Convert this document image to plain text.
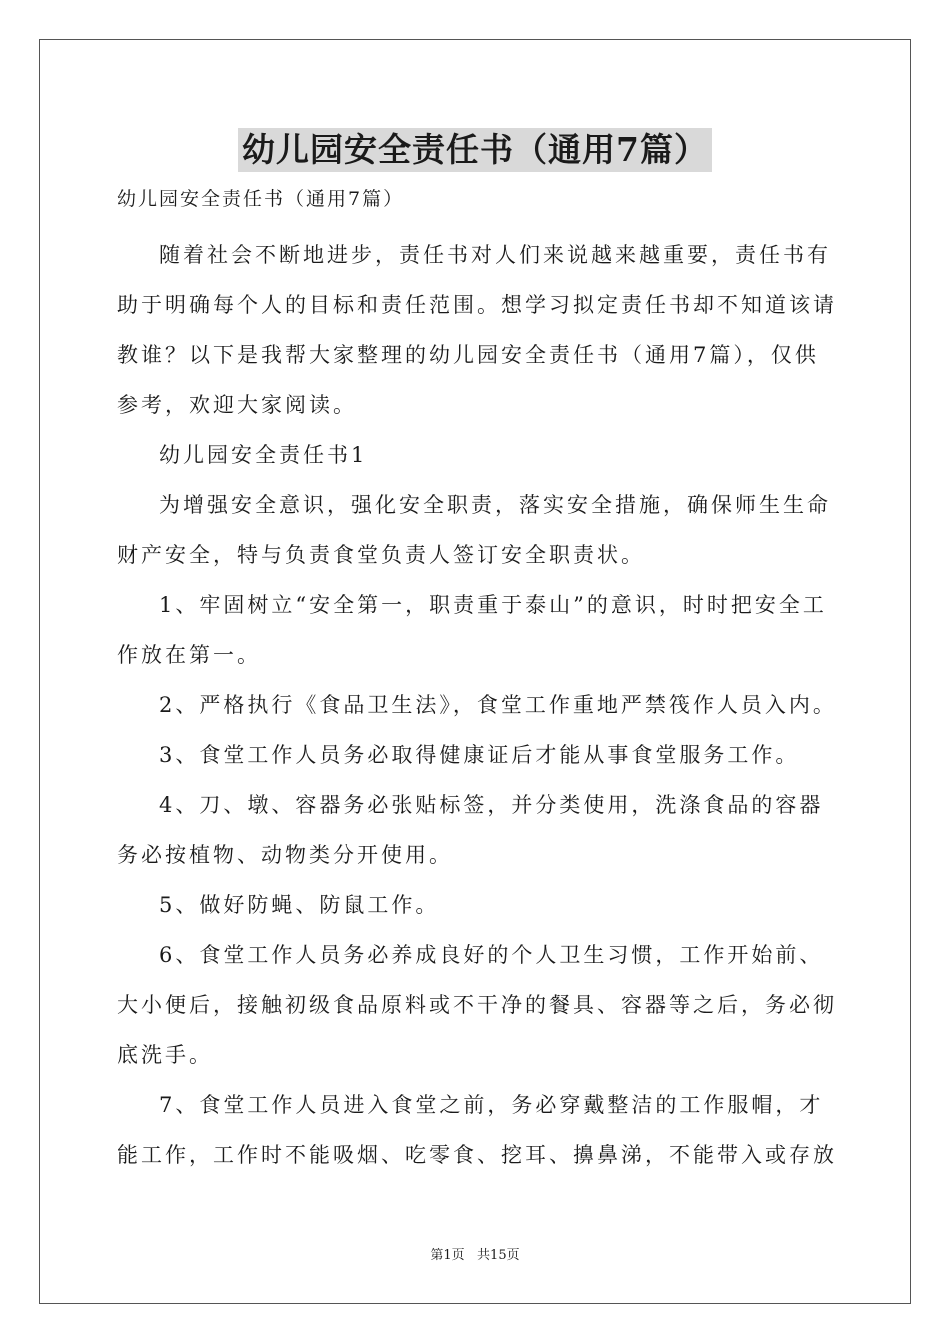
幼儿园安全责任书（通用7篇）
幼儿园安全责任书（通用7篇）

随着社会不断地进步，责任书对人们来说越来越重要，责任书有助于明确每个人的目标和责任范围。想学习拟定责任书却不知道该请教谁？以下是我帮大家整理的幼儿园安全责任书（通用7篇），仅供参考，欢迎大家阅读。

幼儿园安全责任书1

为增强安全意识，强化安全职责，落实安全措施，确保师生生命财产安全，特与负责食堂负责人签订安全职责状。

1、牢固树立“安全第一，职责重于泰山”的意识，时时把安全工作放在第一。

2、严格执行《食品卫生法》，食堂工作重地严禁筏作人员入内。

3、食堂工作人员务必取得健康证后才能从事食堂服务工作。

4、刀、墩、容器务必张贴标签，并分类使用，洗涤食品的容器务必按植物、动物类分开使用。

5、做好防蝇、防鼠工作。

6、食堂工作人员务必养成良好的个人卫生习惯，工作开始前、大小便后，接触初级食品原料或不干净的餐具、容器等之后，务必彻底洗手。

7、食堂工作人员进入食堂之前，务必穿戴整洁的工作服帽，才能工作，工作时不能吸烟、吃零食、挖耳、擤鼻涕，不能带入或存放

第1页   共15页
